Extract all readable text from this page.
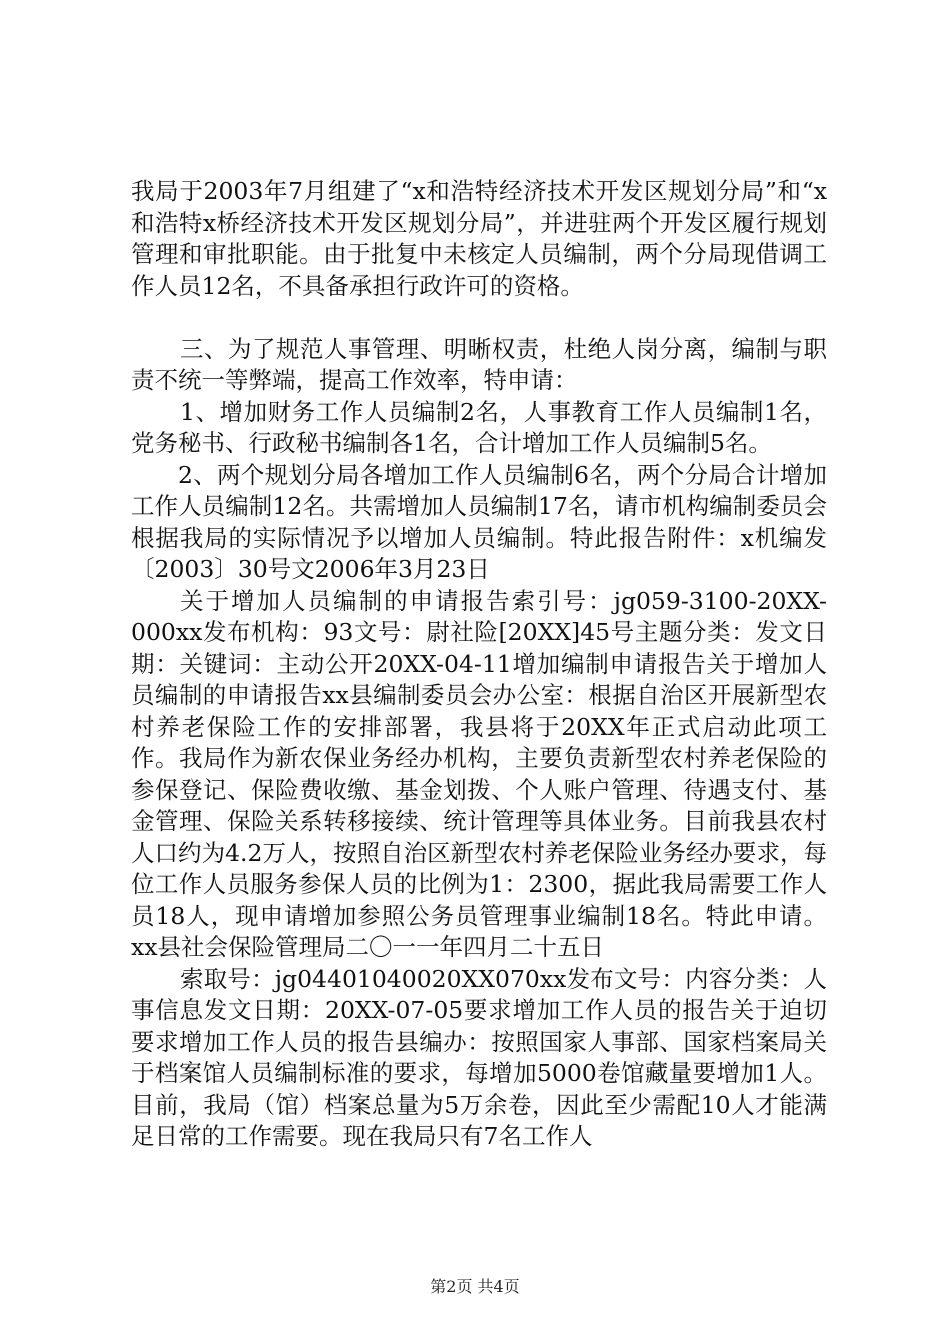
我局于2003年7月组建了“x和浩特经济技术开发区规划分局”和“x和浩特x桥经济技术开发区规划分局”，并进驻两个开发区履行规划管理和审批职能。由于批复中未核定人员编制，两个分局现借调工作人员12名，不具备承担行政许可的资格。

三、为了规范人事管理、明晰权责，杜绝人岗分离，编制与职责不统一等弊端，提高工作效率，特申请：

1、增加财务工作人员编制2名，人事教育工作人员编制1名，党务秘书、行政秘书编制各1名，合计增加工作人员编制5名。

2、两个规划分局各增加工作人员编制6名，两个分局合计增加工作人员编制12名。共需增加人员编制17名，请市机构编制委员会根据我局的实际情况予以增加人员编制。特此报告附件：x机编发〔2003〕30号文2006年3月23日

关于增加人员编制的申请报告索引号：jg059-3100-20XX-000xx发布机构：93文号：尉社险[20XX]45号主题分类：发文日期：关键词：主动公开20XX-04-11增加编制申请报告关于增加人员编制的申请报告xx县编制委员会办公室：根据自治区开展新型农村养老保险工作的安排部署，我县将于20XX年正式启动此项工作。我局作为新农保业务经办机构，主要负责新型农村养老保险的参保登记、保险费收缴、基金划拨、个人账户管理、待遇支付、基金管理、保险关系转移接续、统计管理等具体业务。目前我县农村人口约为4.2万人，按照自治区新型农村养老保险业务经办要求，每位工作人员服务参保人员的比例为1：2300，据此我局需要工作人员18人，现申请增加参照公务员管理事业编制18名。特此申请。xx县社会保险管理局二〇一一年四月二十五日

索取号：jg04401040020XX070xx发布文号：内容分类：人事信息发文日期：20XX-07-05要求增加工作人员的报告关于迫切要求增加工作人员的报告县编办：按照国家人事部、国家档案局关于档案馆人员编制标准的要求，每增加5000卷馆藏量要增加1人。目前，我局（馆）档案总量为5万余卷，因此至少需配10人才能满足日常的工作需要。现在我局只有7名工作人

第2页 共4页
